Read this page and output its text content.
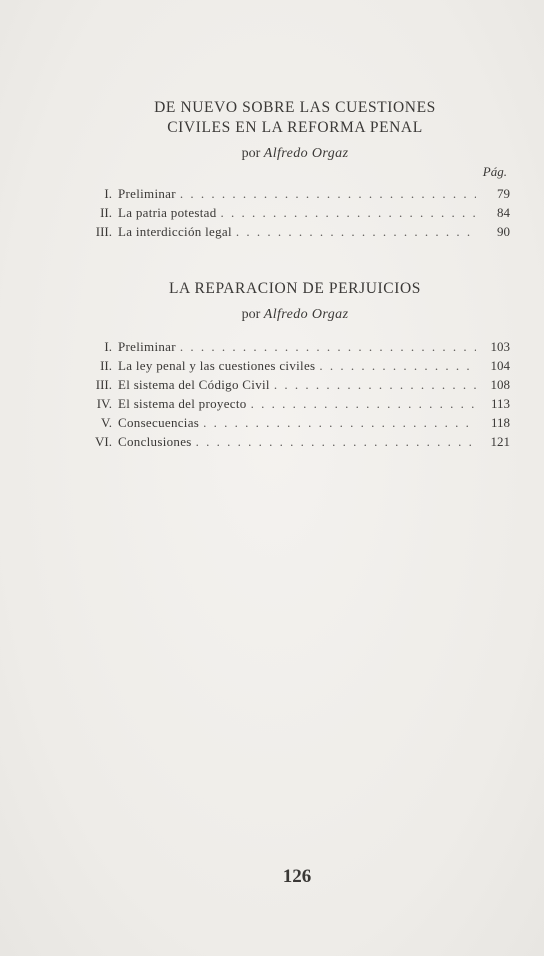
DE NUEVO SOBRE LAS CUESTIONES
CIVILES EN LA REFORMA PENAL
por Alfredo Orgaz
Pág.
I. Preliminar . . .	79
II. La patria potestad . . .	84
III. La interdicción legal . . .	90
LA REPARACION DE PERJUICIOS
por Alfredo Orgaz
I. Preliminar . . .	103
II. La ley penal y las cuestiones civiles . . .	104
III. El sistema del Código Civil . . .	108
IV. El sistema del proyecto . . .	113
V. Consecuencias . . .	118
VI. Conclusiones . . .	121
126
